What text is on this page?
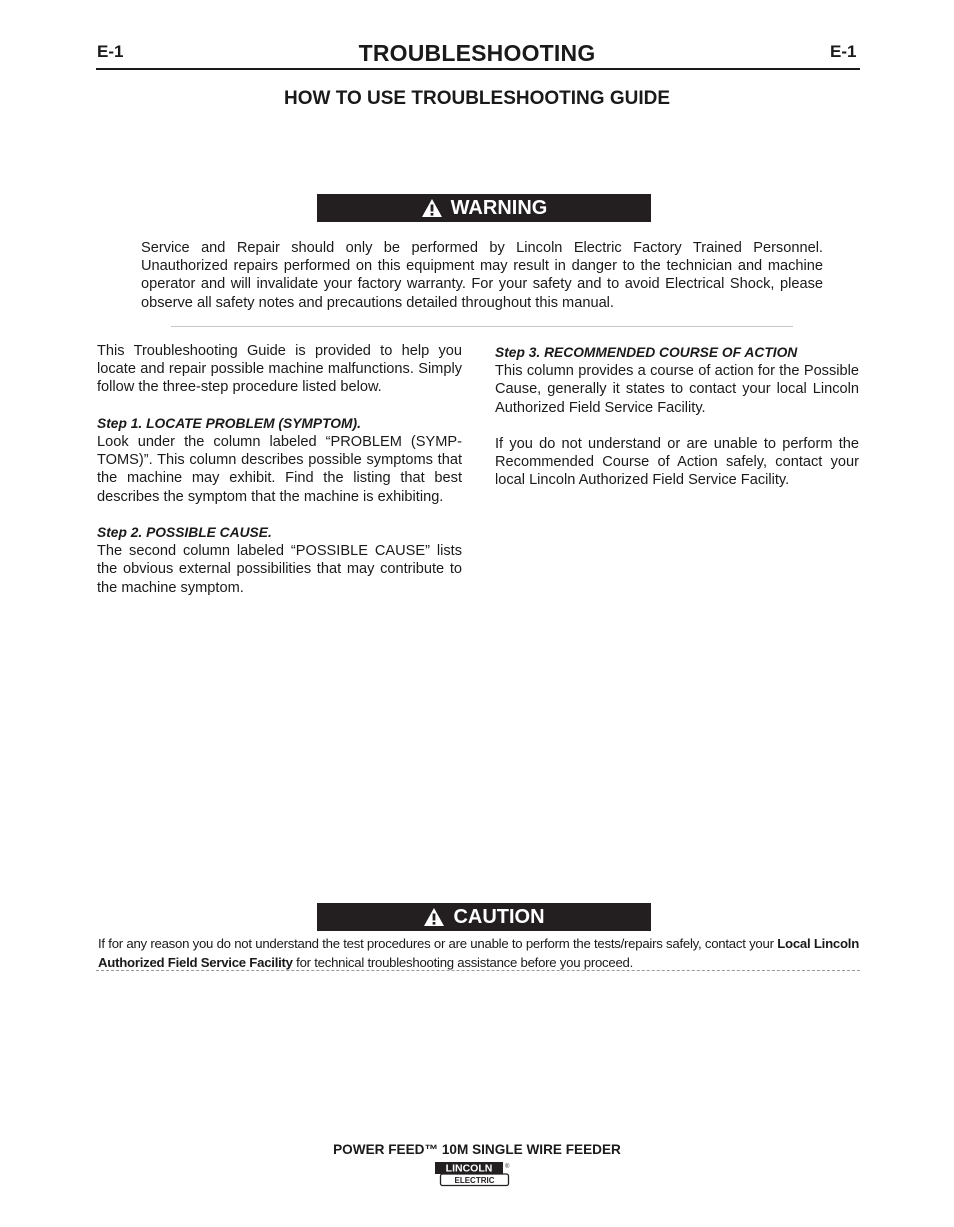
E-1	TROUBLESHOOTING	E-1
HOW TO USE TROUBLESHOOTING GUIDE
WARNING
Service and Repair should only be performed by Lincoln Electric Factory Trained Personnel. Unauthorized repairs performed on this equipment may result in danger to the technician and machine operator and will invalidate your factory warranty. For your safety and to avoid Electrical Shock, please observe all safety notes and precautions detailed throughout this manual.

This Troubleshooting Guide is provided to help you locate and repair possible machine malfunctions. Simply follow the three-step procedure listed below.

Step 1. LOCATE PROBLEM (SYMPTOM).

Look under the column labeled “PROBLEM (SYMP-TOMS)”. This column describes possible symptoms that the machine may exhibit. Find the listing that best describes the symptom that the machine is exhibiting.

Step 2. POSSIBLE CAUSE.

The second column labeled “POSSIBLE CAUSE” lists the obvious external possibilities that may contribute to the machine symptom.

Step 3. RECOMMENDED COURSE OF ACTION

This column provides a course of action for the Possible Cause, generally it states to contact your local Lincoln Authorized Field Service Facility.

If you do not understand or are unable to perform the Recommended Course of Action safely, contact your local Lincoln Authorized Field Service Facility.

CAUTION
If for any reason you do not understand the test procedures or are unable to perform the tests/repairs safely, contact your Local Lincoln Authorized Field Service Facility for technical troubleshooting assistance before you proceed.
POWER FEED™ 10M SINGLE WIRE FEEDER
LINCOLN
ELECTRIC
®
